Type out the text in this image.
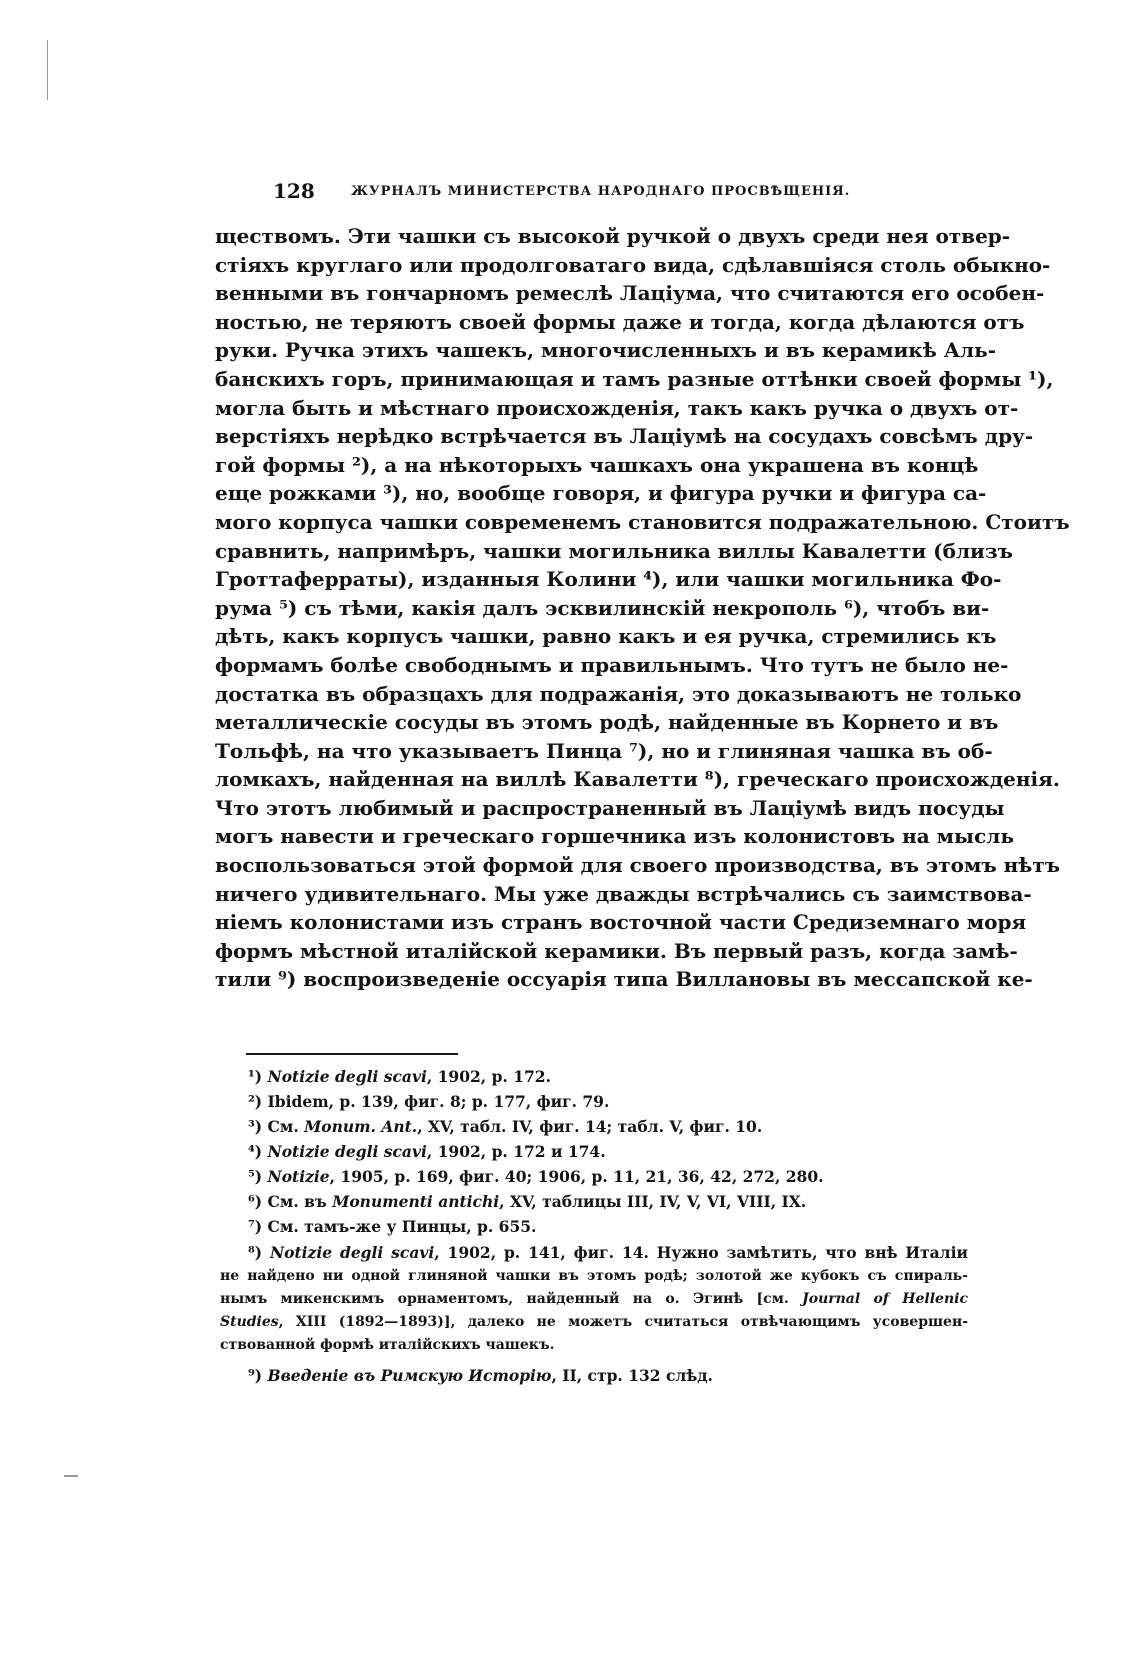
128	ЖУРНАЛЪ МИНИСТЕРСТВА НАРОДНАГО ПРОСВѢЩЕНІЯ.
ществомъ. Эти чашки съ высокой ручкой о двухъ среди нея отвер-
стіяхъ круглаго или продолговатаго вида, сдѣлавшіяся столь обыкно-
венными въ гончарномъ ремеслѣ Лаціума, что считаются его особен-
ностью, не теряютъ своей формы даже и тогда, когда дѣлаются отъ
руки. Ручка этихъ чашекъ, многочисленныхъ и въ керамикѣ Аль-
банскихъ горъ, принимающая и тамъ разные оттѣнки своей формы ¹),
могла быть и мѣстнаго происхожденія, такъ какъ ручка о двухъ от-
верстіяхъ нерѣдко встрѣчается въ Лаціумѣ на сосудахъ совсѣмъ дру-
гой формы ²), а на нѣкоторыхъ чашкахъ она украшена въ концѣ
еще рожками ³), но, вообще говоря, и фигура ручки и фигура са-
мого корпуса чашки современемъ становится подражательною. Стоитъ
сравнить, напримѣръ, чашки могильника виллы Кавалетти (близъ
Гроттаферраты), изданныя Колини ⁴), или чашки могильника Фо-
рума ⁵) съ тѣми, какія далъ эсквилинскій некрополь ⁶), чтобъ ви-
дѣть, какъ корпусъ чашки, равно какъ и ея ручка, стремились къ
формамъ болѣе свободнымъ и правильнымъ. Что тутъ не было не-
достатка въ образцахъ для подражанія, это доказываютъ не только
металлическіе сосуды въ этомъ родѣ, найденные въ Корнето и въ
Тольфѣ, на что указываетъ Пинца ⁷), но и глиняная чашка въ об-
ломкахъ, найденная на виллѣ Кавалетти ⁸), греческаго происхожденія.
Что этотъ любимый и распространенный въ Лаціумѣ видъ посуды
могъ навести и греческаго горшечника изъ колонистовъ на мысль
воспользоваться этой формой для своего производства, въ этомъ нѣтъ
ничего удивительнаго. Мы уже дважды встрѣчались съ заимствова-
ніемъ колонистами изъ странъ восточной части Средиземнаго моря
формъ мѣстной италійской керамики. Въ первый разъ, когда замѣ-
тили ⁹) воспроизведеніе оссуарія типа Виллановы въ мессапской ке-
¹) Notizie degli scavi, 1902, p. 172.
²) Ibidem, p. 139, фиг. 8; p. 177, фиг. 79.
³) См. Monum. Ant., XV, табл. IV, фиг. 14; табл. V, фиг. 10.
⁴) Notizie degli scavi, 1902, p. 172 и 174.
⁵) Notizie, 1905, p. 169, фиг. 40; 1906, p. 11, 21, 36, 42, 272, 280.
⁶) См. въ Monumenti antichi, XV, таблицы III, IV, V, VI, VIII, IX.
⁷) См. тамъ-же у Пинцы, p. 655.
⁸) Notizie degli scavi, 1902, p. 141, фиг. 14. Нужно замѣтить, что внѣ Италіи
не найдено ни одной глиняной чашки въ этомъ родѣ; золотой же кубокъ съ спираль-
нымъ микенскимъ орнаментомъ, найденный на о. Эгинѣ [см. Journal of Hellenic
Studies, XIII (1892—1893)], далеко не можетъ считаться отвѣчающимъ усовершен-
ствованной формѣ италійскихъ чашекъ.
⁹) Введеніе въ Римскую Исторію, II, стр. 132 слѣд.
